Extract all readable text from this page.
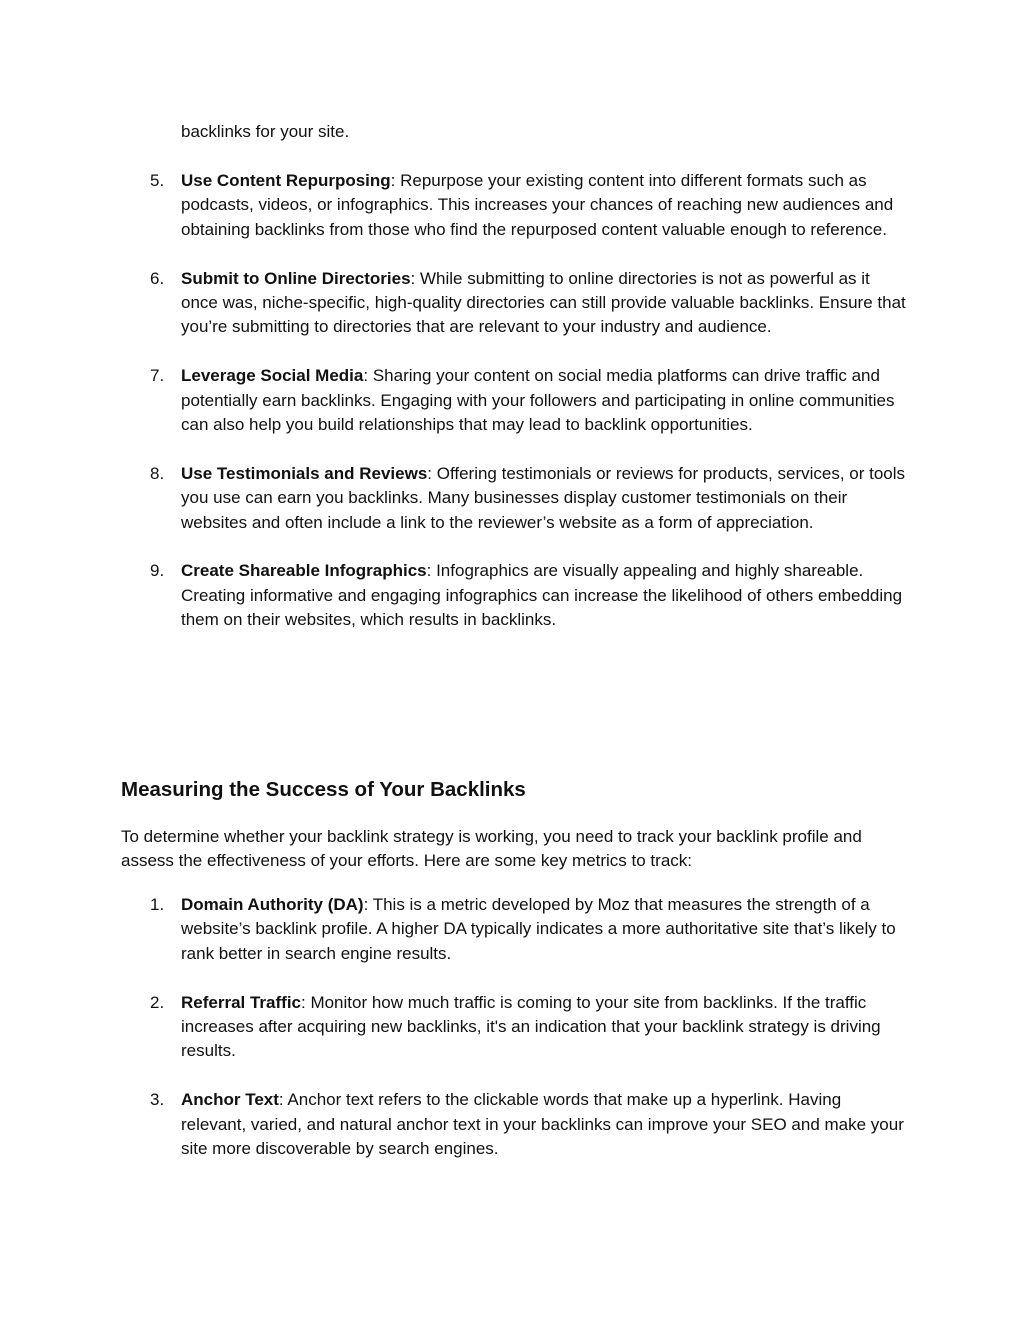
backlinks for your site.

5. Use Content Repurposing: Repurpose your existing content into different formats such as podcasts, videos, or infographics. This increases your chances of reaching new audiences and obtaining backlinks from those who find the repurposed content valuable enough to reference.
6. Submit to Online Directories: While submitting to online directories is not as powerful as it once was, niche-specific, high-quality directories can still provide valuable backlinks. Ensure that you’re submitting to directories that are relevant to your industry and audience.
7. Leverage Social Media: Sharing your content on social media platforms can drive traffic and potentially earn backlinks. Engaging with your followers and participating in online communities can also help you build relationships that may lead to backlink opportunities.
8. Use Testimonials and Reviews: Offering testimonials or reviews for products, services, or tools you use can earn you backlinks. Many businesses display customer testimonials on their websites and often include a link to the reviewer’s website as a form of appreciation.
9. Create Shareable Infographics: Infographics are visually appealing and highly shareable. Creating informative and engaging infographics can increase the likelihood of others embedding them on their websites, which results in backlinks.
Measuring the Success of Your Backlinks

To determine whether your backlink strategy is working, you need to track your backlink profile and assess the effectiveness of your efforts. Here are some key metrics to track:

1. Domain Authority (DA): This is a metric developed by Moz that measures the strength of a website’s backlink profile. A higher DA typically indicates a more authoritative site that’s likely to rank better in search engine results.
2. Referral Traffic: Monitor how much traffic is coming to your site from backlinks. If the traffic increases after acquiring new backlinks, it's an indication that your backlink strategy is driving results.
3. Anchor Text: Anchor text refers to the clickable words that make up a hyperlink. Having relevant, varied, and natural anchor text in your backlinks can improve your SEO and make your site more discoverable by search engines.
